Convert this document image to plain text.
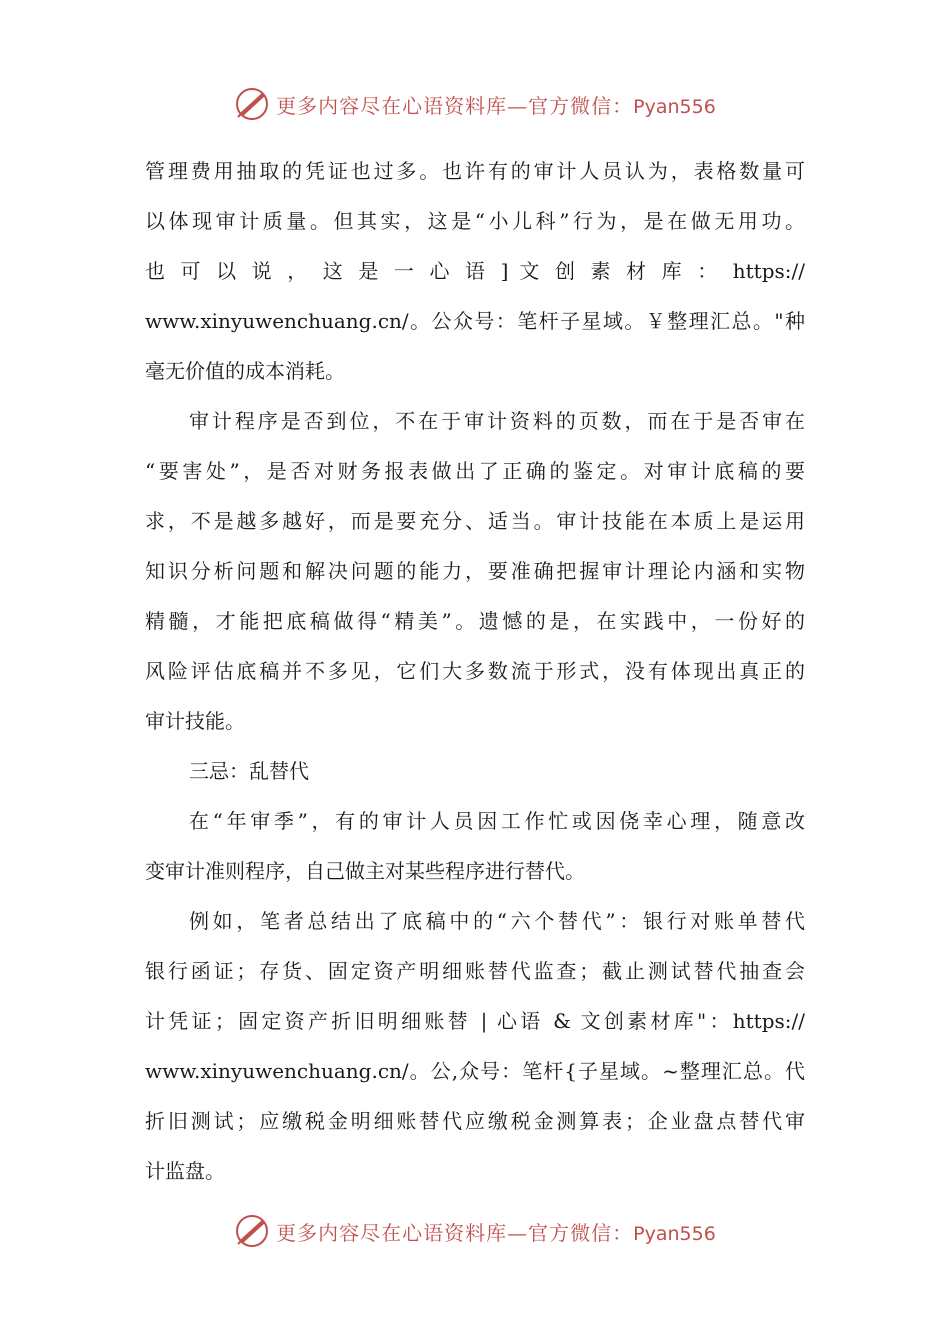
更多内容尽在心语资料库—官方微信：Pyan556
管理费用抽取的凭证也过多。也许有的审计人员认为，表格数量可
以体现审计质量。但其实，这是“小儿科”行为，是在做无用功。
也 可 以 说 ， 这 是 一 心 语 ] 文 创 素 材 库 ： https://
www.xinyuwenchuang.cn/。公众号：笔杆子星域。￥整理汇总。"种
毫无价值的成本消耗。
审计程序是否到位，不在于审计资料的页数，而在于是否审在
“要害处”，是否对财务报表做出了正确的鉴定。对审计底稿的要
求，不是越多越好，而是要充分、适当。审计技能在本质上是运用
知识分析问题和解决问题的能力，要准确把握审计理论内涵和实物
精髓，才能把底稿做得“精美”。遗憾的是，在实践中，一份好的
风险评估底稿并不多见，它们大多数流于形式，没有体现出真正的
审计技能。
三忌：乱替代
在“年审季”，有的审计人员因工作忙或因侥幸心理，随意改
变审计准则程序，自己做主对某些程序进行替代。
例如，笔者总结出了底稿中的“六个替代”：银行对账单替代
银行函证；存货、固定资产明细账替代监查；截止测试替代抽查会
计凭证；固定资产折旧明细账替 | 心语 & 文创素材库"：https://
www.xinyuwenchuang.cn/。公,众号：笔杆{子星域。~整理汇总。代
折旧测试；应缴税金明细账替代应缴税金测算表；企业盘点替代审
计监盘。
更多内容尽在心语资料库—官方微信：Pyan556
